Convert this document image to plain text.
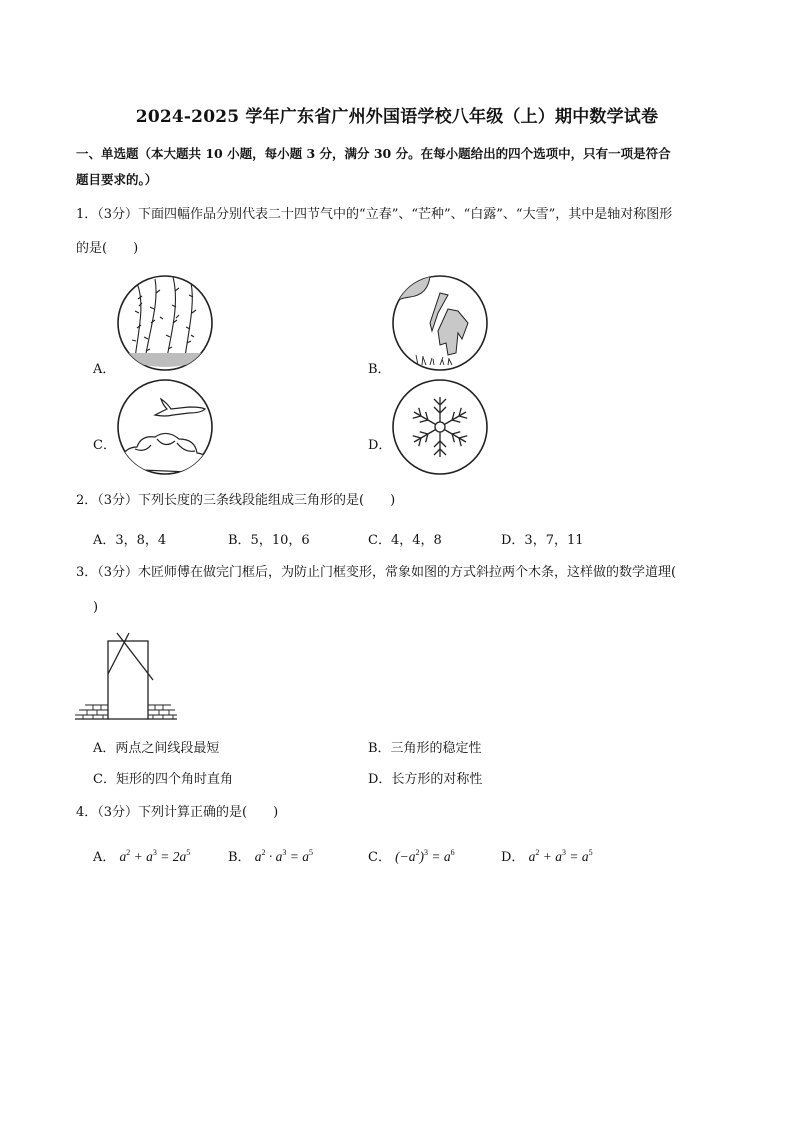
2024-2025 学年广东省广州外国语学校八年级（上）期中数学试卷
一、单选题（本大题共 10 小题，每小题 3 分，满分 30 分。在每小题给出的四个选项中，只有一项是符合
题目要求的。）
1．（3分）下面四幅作品分别代表二十四节气中的“立春”、“芒种”、“白露”、“大雪”，其中是轴对称图形
的是(　　)
A．	B．
C．	D．
2．（3分）下列长度的三条线段能组成三角形的是(　　)
A．3，8，4	B．5，10，6	C．4，4，8	D．3，7，11
3．（3分）木匠师傅在做完门框后，为防止门框变形，常象如图的方式斜拉两个木条，这样做的数学道理(
)
A．两点之间线段最短	B．三角形的稳定性
C．矩形的四个角时直角	D．长方形的对称性
4．（3分）下列计算正确的是(　　)
A． $a^2 + a^3 = 2a^5$	B． $a^2 \cdot a^3 = a^5$	C． $(-a^2)^3 = a^6$	D． $a^2 + a^3 = a^5$
